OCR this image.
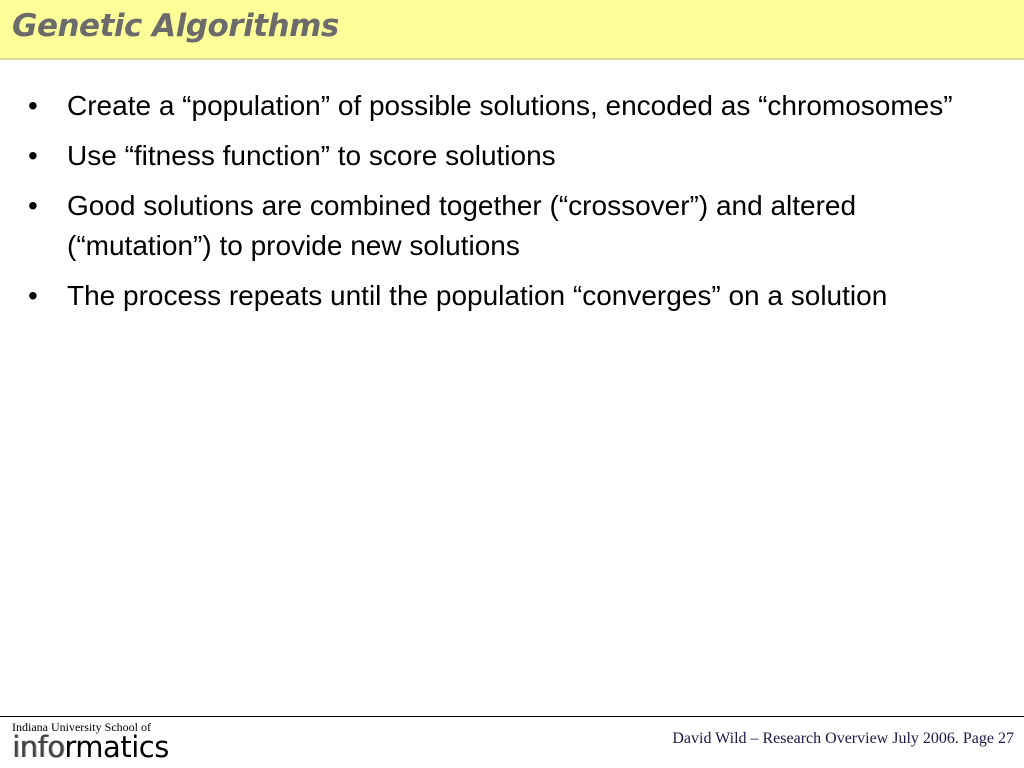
Genetic Algorithms
• Create a “population” of possible solutions, encoded as “chromosomes”
• Use “fitness function” to score solutions
• Good solutions are combined together (“crossover”) and altered (“mutation”) to provide new solutions
• The process repeats until the population “converges” on a solution
Indiana University School of
informatics	David Wild – Research Overview July 2006. Page 27
